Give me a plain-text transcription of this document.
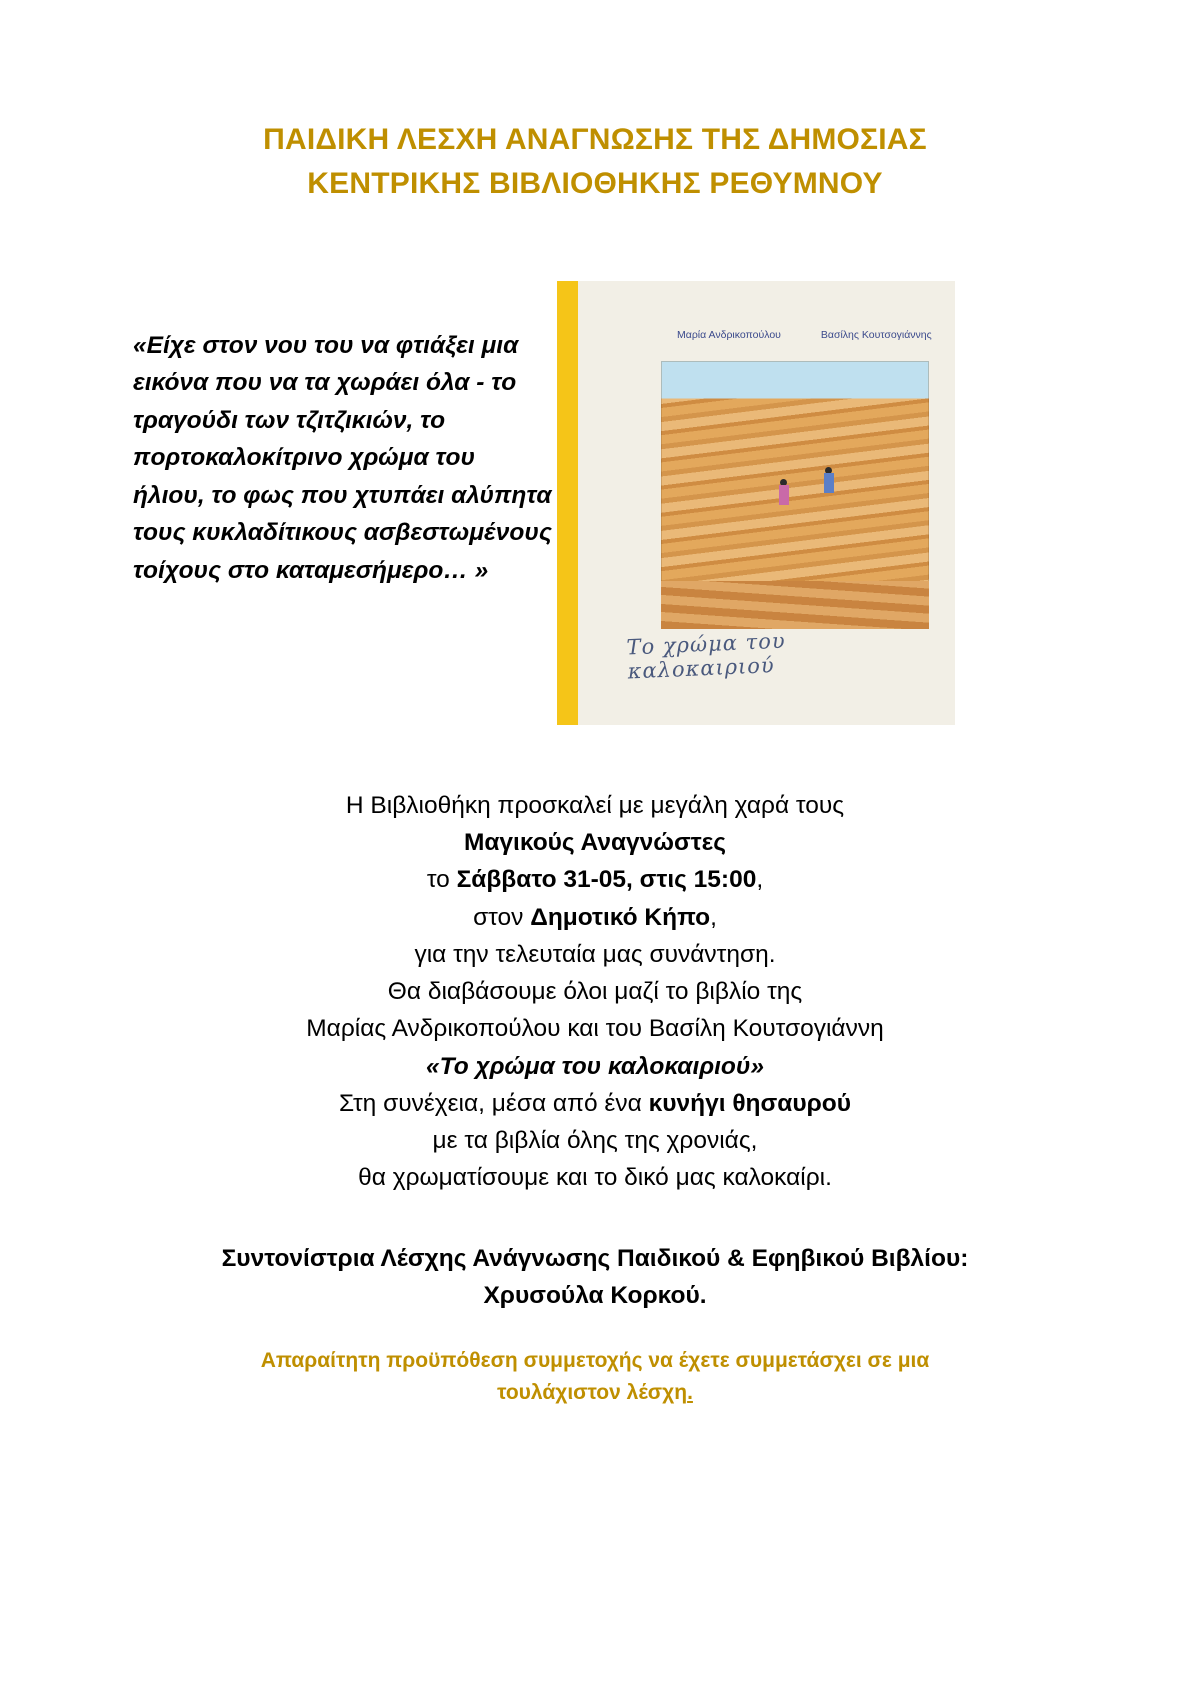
ΠΑΙΔΙΚΗ ΛΕΣΧΗ ΑΝΑΓΝΩΣΗΣ ΤΗΣ ΔΗΜΟΣΙΑΣ
ΚΕΝΤΡΙΚΗΣ ΒΙΒΛΙΟΘΗΚΗΣ ΡΕΘΥΜΝΟΥ
«Είχε στον νου του να φτιάξει μια εικόνα που να τα χωράει όλα - το τραγούδι των τζιτζικιών, το πορτοκαλοκίτρινο χρώμα του ήλιου, το φως που χτυπάει αλύπητα τους κυκλαδίτικους ασβεστωμένους τοίχους στο καταμεσήμερο… »
Μαρία Ανδρικοπούλου	Βασίλης Κουτσογιάννης
Το χρώμα του καλοκαιριού
Η Βιβλιοθήκη προσκαλεί με μεγάλη χαρά τους
Μαγικούς Αναγνώστες
το Σάββατο 31-05, στις 15:00,
στον Δημοτικό Κήπο,
για την τελευταία μας συνάντηση.
Θα διαβάσουμε όλοι μαζί το βιβλίο της
Μαρίας Ανδρικοπούλου και του Βασίλη Κουτσογιάννη
«Το χρώμα του καλοκαιριού»
Στη συνέχεια, μέσα από ένα κυνήγι θησαυρού
με τα βιβλία όλης της χρονιάς,
θα χρωματίσουμε και το δικό μας καλοκαίρι.
Συντονίστρια Λέσχης Ανάγνωσης Παιδικού & Εφηβικού Βιβλίου:
Χρυσούλα Κορκού.
Απαραίτητη προϋπόθεση συμμετοχής να έχετε συμμετάσχει σε μια
τουλάχιστον λέσχη.
